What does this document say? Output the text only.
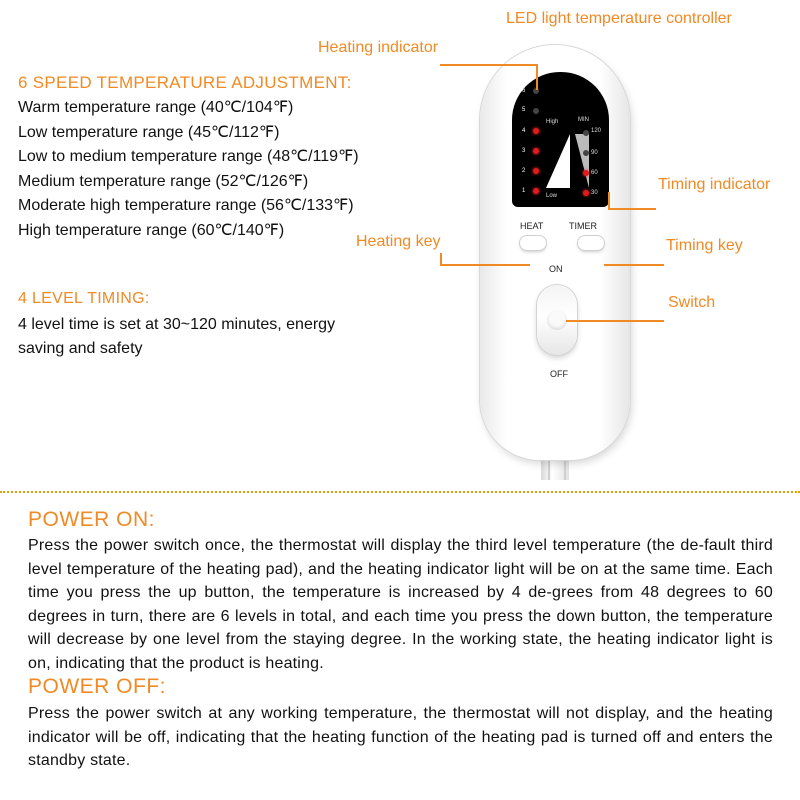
6 SPEED TEMPERATURE ADJUSTMENT:
Warm temperature range (40℃/104℉)
Low temperature range (45℃/112℉)
Low to medium temperature range (48℃/119℉)
Medium temperature range (52℃/126℉)
Moderate high temperature range (56℃/133℉)
High temperature range (60℃/140℉)
4 LEVEL TIMING:
4 level time is set at 30~120 minutes, energy
saving and safety
LED light temperature controller
Heating indicator
Timing indicator
Heating key	Timing key
Switch
6
5
4
3
2
1
High
Low
MIN
120
90
60
30
HEAT	TIMER
ON
OFF
POWER ON:
Press the power switch once, the thermostat will display the third level temperature (the de-fault third level temperature of the heating pad), and the heating indicator light will be on at the same time. Each time you press the up button, the temperature is increased by 4 de-grees from 48 degrees to 60 degrees in turn, there are 6 levels in total, and each time you press the down button, the temperature will decrease by one level from the staying degree. In the working state, the heating indicator light is on, indicating that the product is heating.
POWER OFF:
Press the power switch at any working temperature, the thermostat will not display, and the heating indicator will be off, indicating that the heating function of the heating pad is turned off and enters the standby state.
